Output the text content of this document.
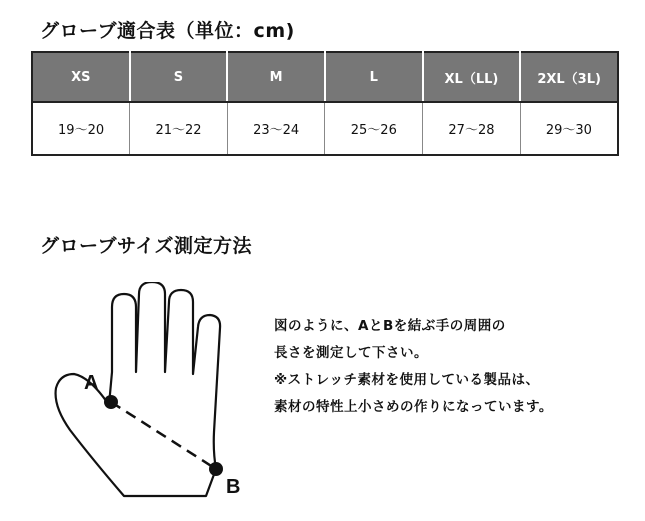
グローブ適合表（単位：cm)
XS	S	M	L	XL（LL)	2XL（3L)
19～20	21～22	23～24	25～26	27～28	29～30
グローブサイズ測定方法
A
B
図のように、AとBを結ぶ手の周囲の
長さを測定して下さい。
※ストレッチ素材を使用している製品は、
素材の特性上小さめの作りになっています。
